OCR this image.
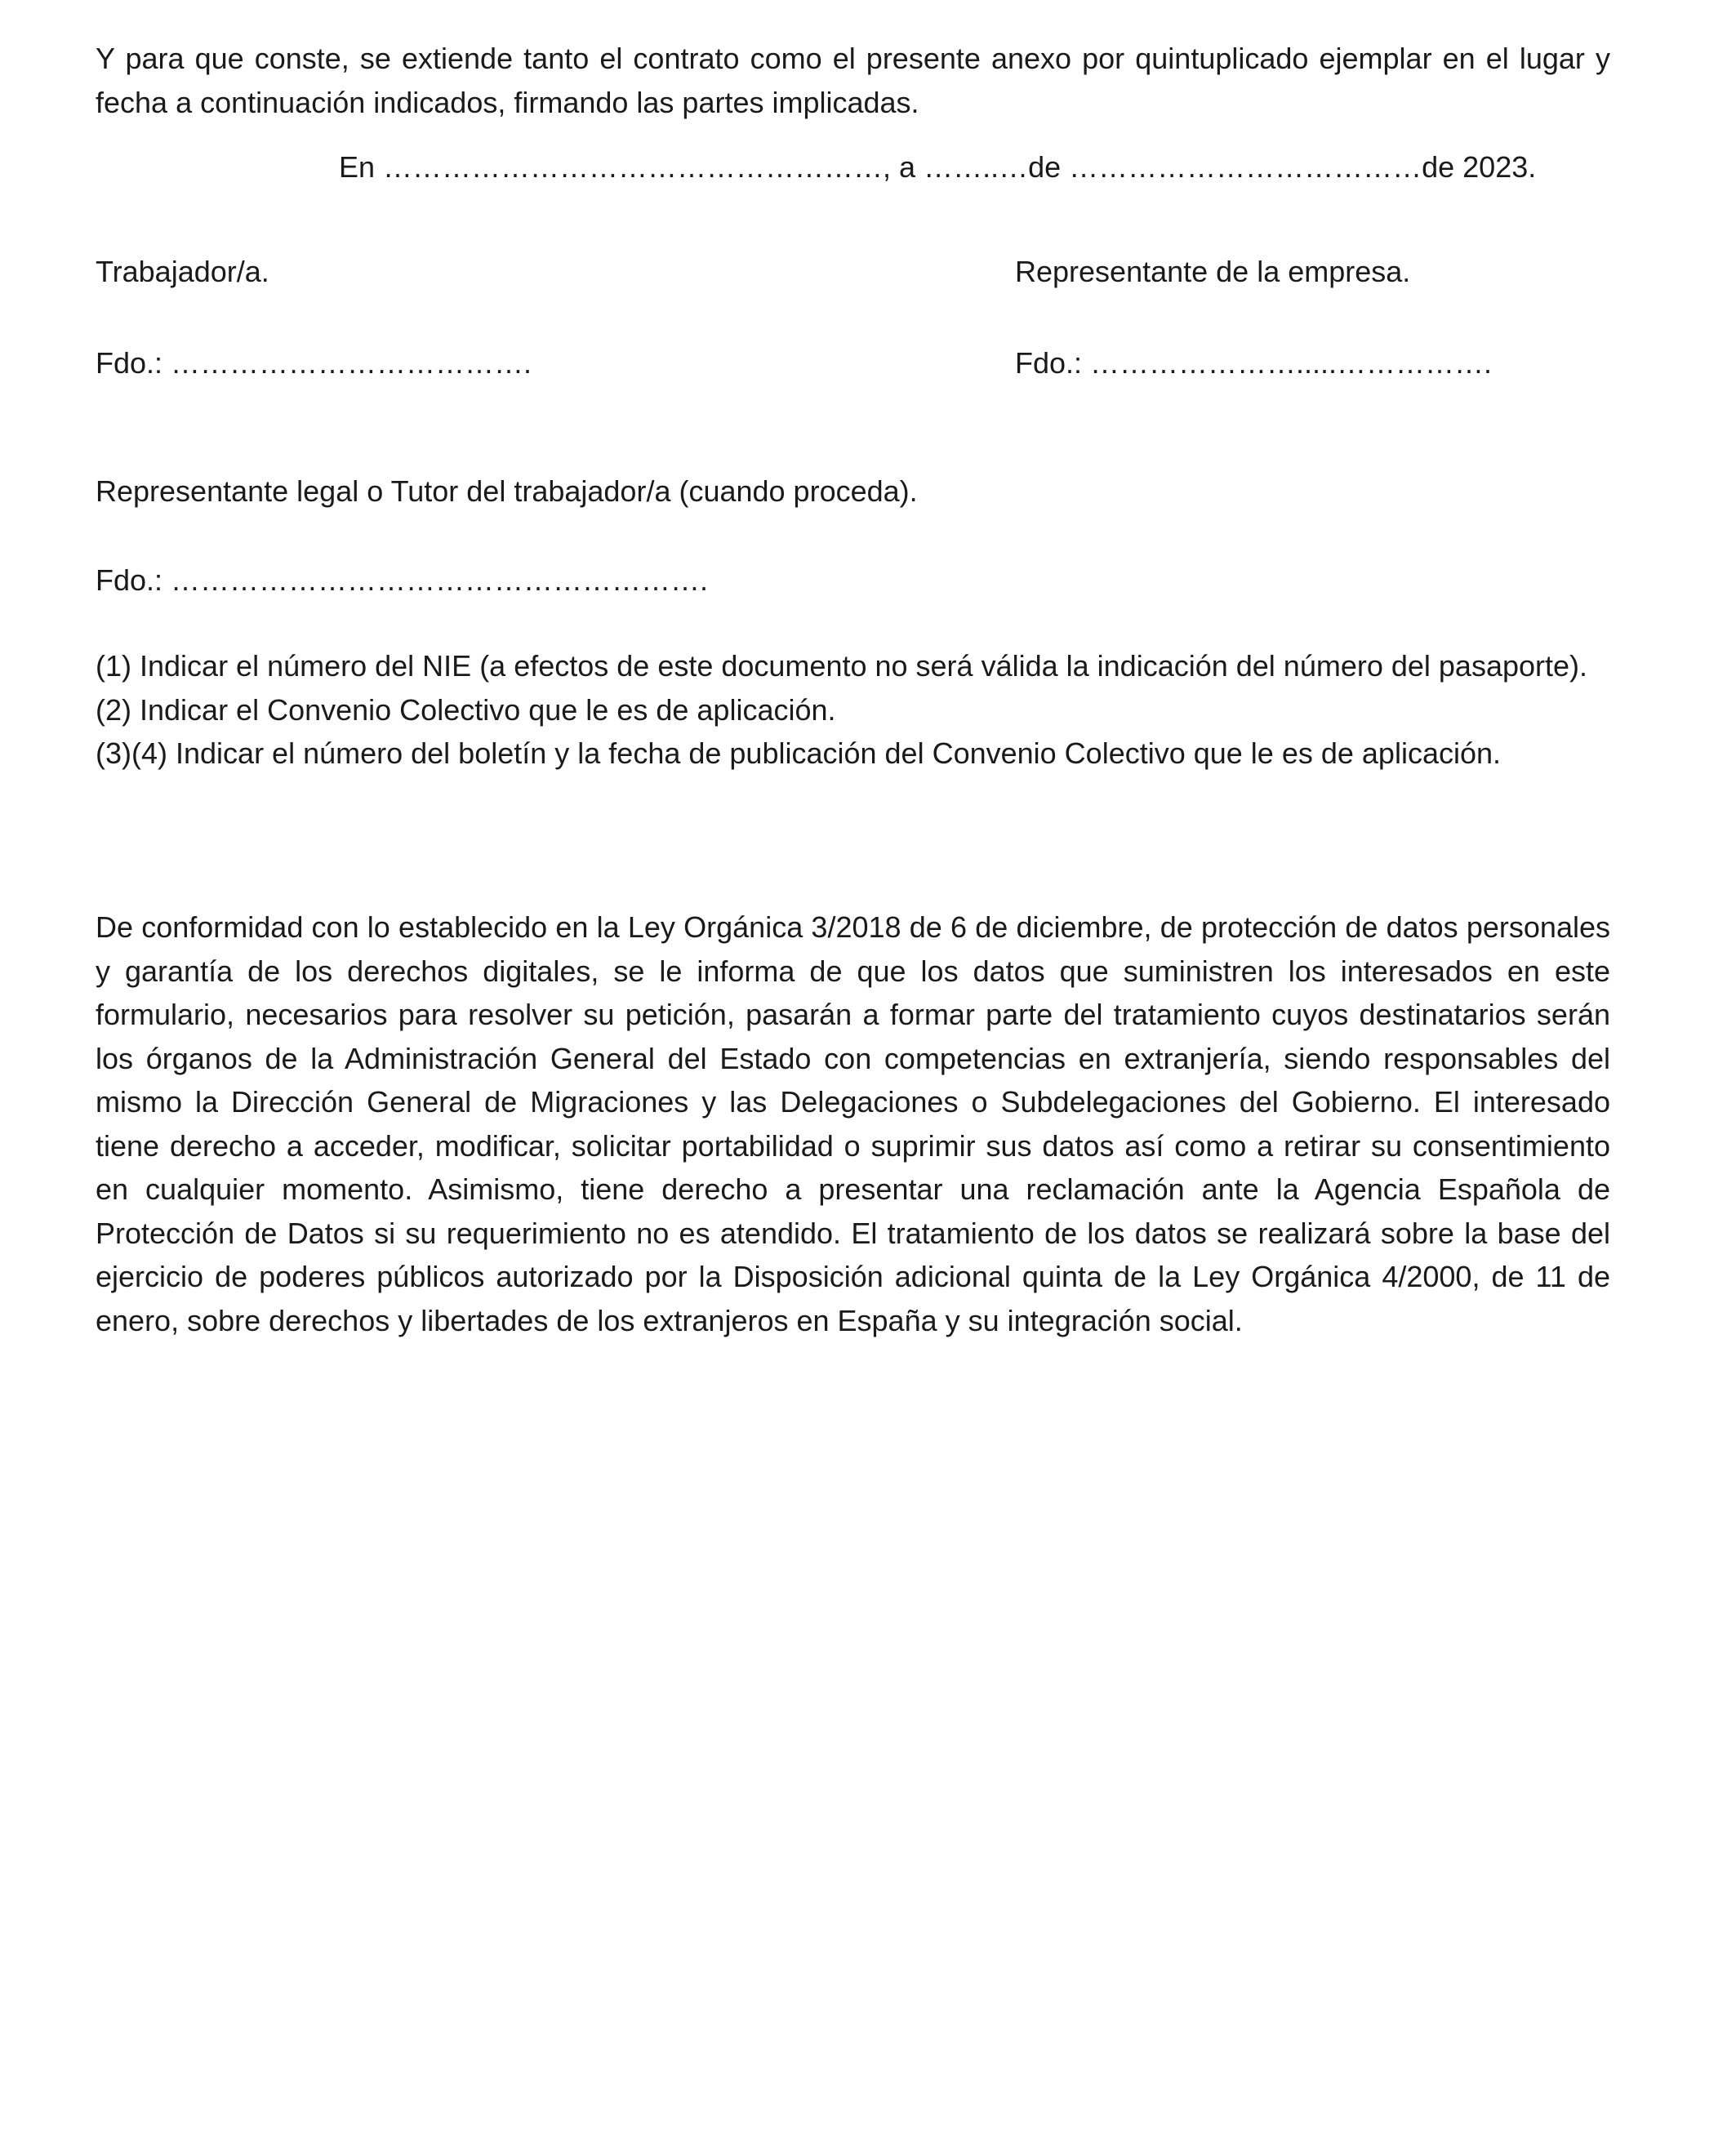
Y para que conste, se extiende tanto el contrato como el presente anexo por quintuplicado ejemplar en el lugar y fecha a continuación indicados, firmando las partes implicadas.
En ……………………………………………, a ……..…de ………………………………de 2023.
Trabajador/a.	Representante de la empresa.
Fdo.: ……………………………….	Fdo.: ………………….....…………….
Representante legal o Tutor del trabajador/a (cuando proceda).
Fdo.: ……………………………………………….
(1) Indicar el número del NIE (a efectos de este documento no será válida la indicación del número del pasaporte).
(2) Indicar el Convenio Colectivo que le es de aplicación.
(3)(4) Indicar el número del boletín y la fecha de publicación del Convenio Colectivo que le es de aplicación.
De conformidad con lo establecido en la Ley Orgánica 3/2018 de 6 de diciembre, de protección de datos personales y garantía de los derechos digitales, se le informa de que los datos que suministren los interesados en este formulario, necesarios para resolver su petición, pasarán a formar parte del tratamiento cuyos destinatarios serán los órganos de la Administración General del Estado con competencias en extranjería, siendo responsables del mismo la Dirección General de Migraciones y las Delegaciones o Subdelegaciones del Gobierno. El interesado tiene derecho a acceder, modificar, solicitar portabilidad o suprimir sus datos así como a retirar su consentimiento en cualquier momento. Asimismo, tiene derecho a presentar una reclamación ante la Agencia Española de Protección de Datos si su requerimiento no es atendido. El tratamiento de los datos se realizará sobre la base del ejercicio de poderes públicos autorizado por la Disposición adicional quinta de la Ley Orgánica 4/2000, de 11 de enero, sobre derechos y libertades de los extranjeros en España y su integración social.
